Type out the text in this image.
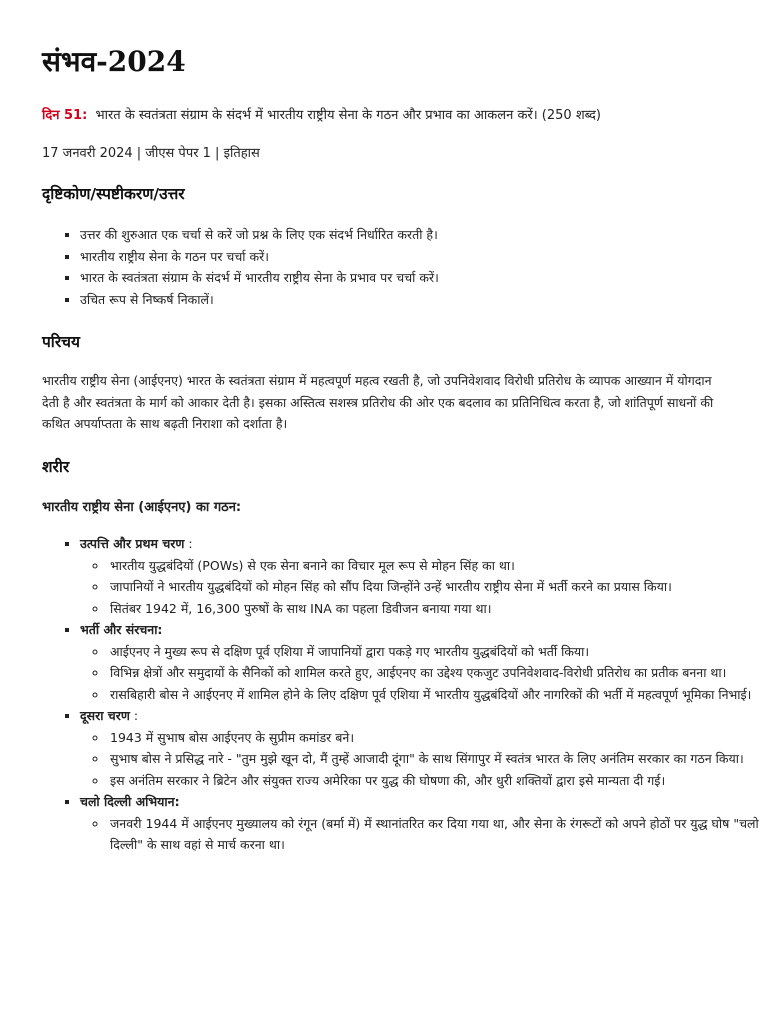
संभव-2024
दिन 51: भारत के स्वतंत्रता संग्राम के संदर्भ में भारतीय राष्ट्रीय सेना के गठन और प्रभाव का आकलन करें। (250 शब्द)
17 जनवरी 2024 | जीएस पेपर 1 | इतिहास
दृष्टिकोण/स्पष्टीकरण/उत्तर
▪ उत्तर की शुरुआत एक चर्चा से करें जो प्रश्न के लिए एक संदर्भ निर्धारित करती है।
▪ भारतीय राष्ट्रीय सेना के गठन पर चर्चा करें।
▪ भारत के स्वतंत्रता संग्राम के संदर्भ में भारतीय राष्ट्रीय सेना के प्रभाव पर चर्चा करें।
▪ उचित रूप से निष्कर्ष निकालें।
परिचय

भारतीय राष्ट्रीय सेना (आईएनए) भारत के स्वतंत्रता संग्राम में महत्वपूर्ण महत्व रखती है, जो उपनिवेशवाद विरोधी प्रतिरोध के व्यापक आख्यान में योगदान देती है और स्वतंत्रता के मार्ग को आकार देती है। इसका अस्तित्व सशस्त्र प्रतिरोध की ओर एक बदलाव का प्रतिनिधित्व करता है, जो शांतिपूर्ण साधनों की कथित अपर्याप्तता के साथ बढ़ती निराशा को दर्शाता है।

शरीर

भारतीय राष्ट्रीय सेना (आईएनए) का गठन:

▪ उत्पत्ति और प्रथम चरण :
◦ भारतीय युद्धबंदियों (POWs) से एक सेना बनाने का विचार मूल रूप से मोहन सिंह का था।
◦ जापानियों ने भारतीय युद्धबंदियों को मोहन सिंह को सौंप दिया जिन्होंने उन्हें भारतीय राष्ट्रीय सेना में भर्ती करने का प्रयास किया।
◦ सितंबर 1942 में, 16,300 पुरुषों के साथ INA का पहला डिवीजन बनाया गया था।
▪ भर्ती और संरचना:
◦ आईएनए ने मुख्य रूप से दक्षिण पूर्व एशिया में जापानियों द्वारा पकड़े गए भारतीय युद्धबंदियों को भर्ती किया।
◦ विभिन्न क्षेत्रों और समुदायों के सैनिकों को शामिल करते हुए, आईएनए का उद्देश्य एकजुट उपनिवेशवाद-विरोधी प्रतिरोध का प्रतीक बनना था।
◦ रासबिहारी बोस ने आईएनए में शामिल होने के लिए दक्षिण पूर्व एशिया में भारतीय युद्धबंदियों और नागरिकों की भर्ती में महत्वपूर्ण भूमिका निभाई।
▪ दूसरा चरण :
◦ 1943 में सुभाष बोस आईएनए के सुप्रीम कमांडर बने।
◦ सुभाष बोस ने प्रसिद्ध नारे - "तुम मुझे खून दो, मैं तुम्हें आजादी दूंगा" के साथ सिंगापुर में स्वतंत्र भारत के लिए अनंतिम सरकार का गठन किया।
◦ इस अनंतिम सरकार ने ब्रिटेन और संयुक्त राज्य अमेरिका पर युद्ध की घोषणा की, और धुरी शक्तियों द्वारा इसे मान्यता दी गई।
▪ चलो दिल्ली अभियान:
◦ जनवरी 1944 में आईएनए मुख्यालय को रंगून (बर्मा में) में स्थानांतरित कर दिया गया था, और सेना के रंगरूटों को अपने होठों पर युद्ध घोष "चलो दिल्ली" के साथ वहां से मार्च करना था।
